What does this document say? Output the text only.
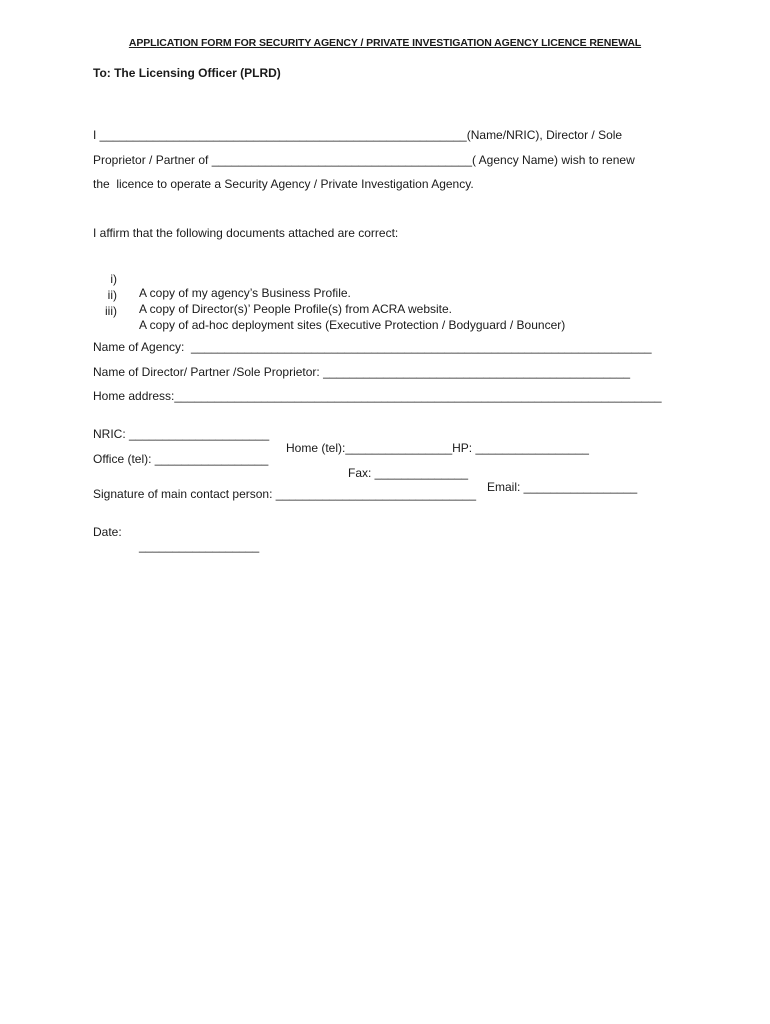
APPLICATION FORM FOR SECURITY AGENCY / PRIVATE INVESTIGATION AGENCY LICENCE RENEWAL
To: The Licensing Officer (PLRD)
I _______________________________________________________(Name/NRIC), Director / Sole
Proprietor / Partner of _______________________________________( Agency Name) wish to renew
the  licence to operate a Security Agency / Private Investigation Agency.
I affirm that the following documents attached are correct:

i)

A copy of my agency’s Business Profile.

ii)

A copy of Director(s)’ People Profile(s) from ACRA website.

iii)

A copy of ad-hoc deployment sites (Executive Protection / Bodyguard / Bouncer)

Name of Agency:  _____________________________________________________________________
Name of Director/ Partner /Sole Proprietor: ______________________________________________
Home address:_________________________________________________________________________

NRIC: _____________________

Home (tel):________________HP: _________________

Office (tel): _________________

Fax: ______________

Email: _________________

Signature of main contact person: ______________________________

Date:

__________________
